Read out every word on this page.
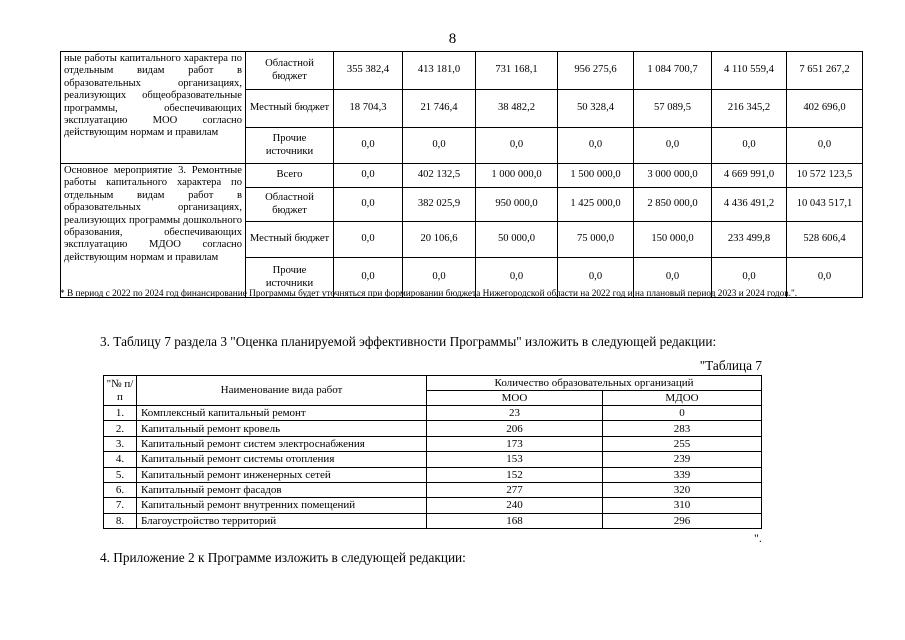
8
ные работы капитального характера по отдельным видам работ в образовательных организациях, реализующих общеобразовательные программы, обеспечивающих эксплуатацию МОО согласно действующим нормам и правилам	Областной бюджет	355 382,4	413 181,0	731 168,1	956 275,6	1 084 700,7	4 110 559,4	7 651 267,2
	Местный бюджет	18 704,3	21 746,4	38 482,2	50 328,4	57 089,5	216 345,2	402 696,0
	Прочие источники	0,0	0,0	0,0	0,0	0,0	0,0	0,0
Основное мероприятие 3. Ремонтные работы капитального характера по отдельным видам работ в образовательных организациях, реализующих программы дошкольного образования, обеспечивающих эксплуатацию МДОО согласно действующим нормам и правилам	Всего	0,0	402 132,5	1 000 000,0	1 500 000,0	3 000 000,0	4 669 991,0	10 572 123,5
	Областной бюджет	0,0	382 025,9	950 000,0	1 425 000,0	2 850 000,0	4 436 491,2	10 043 517,1
	Местный бюджет	0,0	20 106,6	50 000,0	75 000,0	150 000,0	233 499,8	528 606,4
	Прочие источники	0,0	0,0	0,0	0,0	0,0	0,0	0,0
* В период с 2022 по 2024 год финансирование Программы будет уточняться при формировании бюджета Нижегородской области на 2022 год и на плановый период 2023 и 2024 годов.".
3. Таблицу 7 раздела 3 "Оценка планируемой эффективности Программы" изложить в следующей редакции:
"Таблица 7
"№ п/п	Наименование вида работ	Количество образовательных организаций	
		МОО	МДОО
1.	Комплексный капитальный ремонт	23	0
2.	Капитальный ремонт кровель	206	283
3.	Капитальный ремонт систем электроснабжения	173	255
4.	Капитальный ремонт системы отопления	153	239
5.	Капитальный ремонт инженерных сетей	152	339
6.	Капитальный ремонт фасадов	277	320
7.	Капитальный ремонт внутренних помещений	240	310
8.	Благоустройство территорий	168	296
".
4. Приложение 2 к Программе изложить в следующей редакции:
